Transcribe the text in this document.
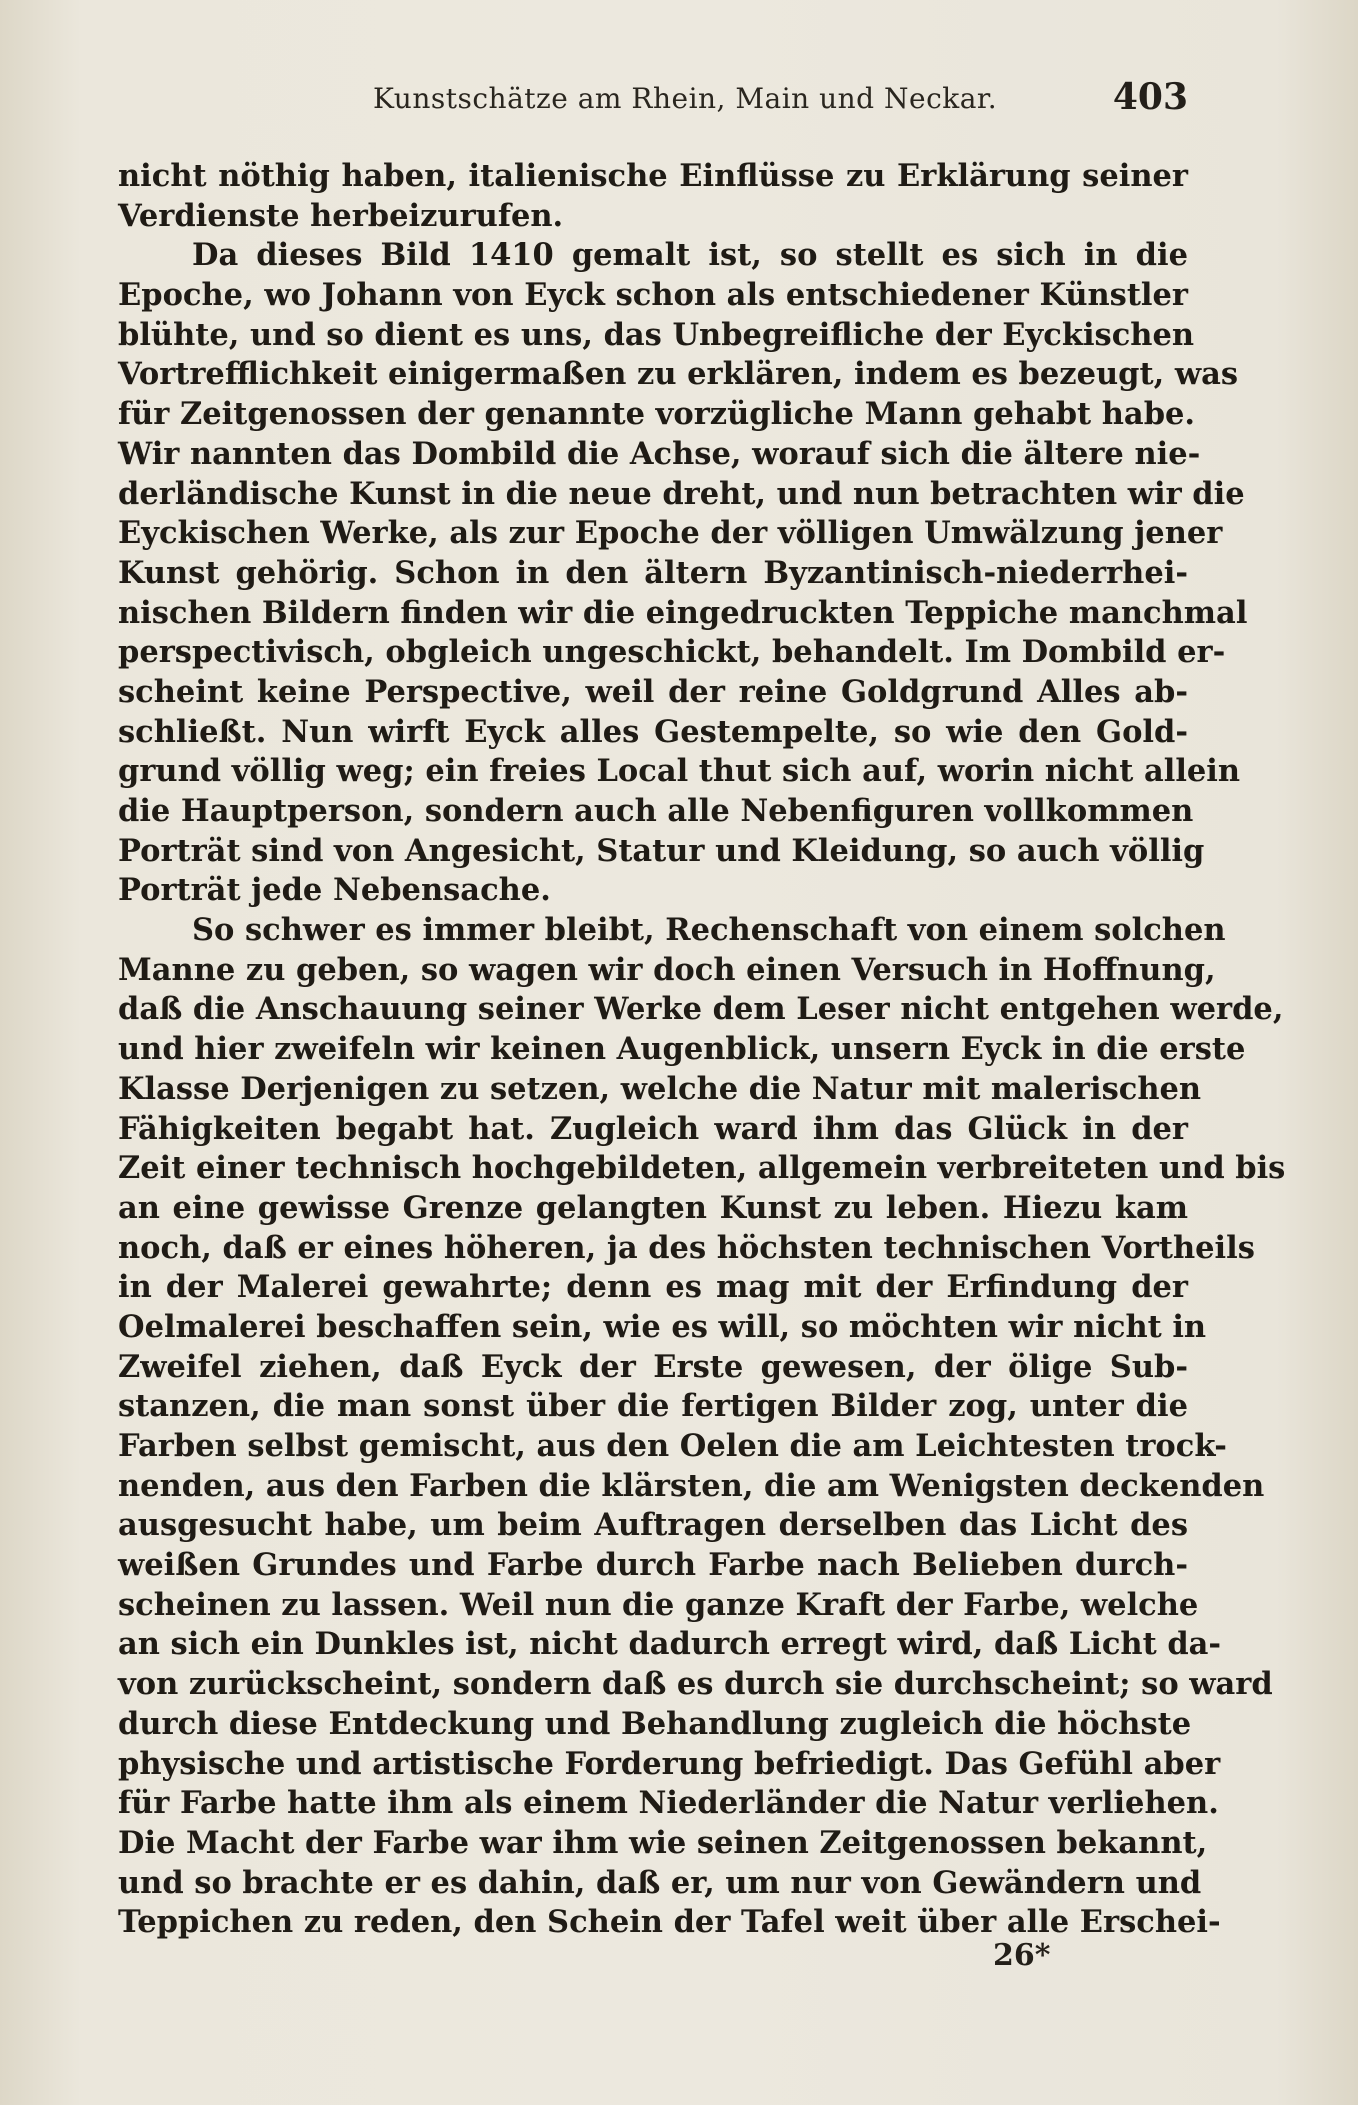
Kunstschätze am Rhein, Main und Neckar.	403
nicht nöthig haben, italienische Einflüsse zu Erklärung seiner
Verdienste herbeizurufen.
Da dieses Bild 1410 gemalt ist, so stellt es sich in die
Epoche, wo Johann von Eyck schon als entschiedener Künstler
blühte, und so dient es uns, das Unbegreifliche der Eyckischen
Vortrefflichkeit einigermaßen zu erklären, indem es bezeugt, was
für Zeitgenossen der genannte vorzügliche Mann gehabt habe.
Wir nannten das Dombild die Achse, worauf sich die ältere nie-
derländische Kunst in die neue dreht, und nun betrachten wir die
Eyckischen Werke, als zur Epoche der völligen Umwälzung jener
Kunst gehörig. Schon in den ältern Byzantinisch-niederrhei-
nischen Bildern finden wir die eingedruckten Teppiche manchmal
perspectivisch, obgleich ungeschickt, behandelt. Im Dombild er-
scheint keine Perspective, weil der reine Goldgrund Alles ab-
schließt. Nun wirft Eyck alles Gestempelte, so wie den Gold-
grund völlig weg; ein freies Local thut sich auf, worin nicht allein
die Hauptperson, sondern auch alle Nebenfiguren vollkommen
Porträt sind von Angesicht, Statur und Kleidung, so auch völlig
Porträt jede Nebensache.
So schwer es immer bleibt, Rechenschaft von einem solchen
Manne zu geben, so wagen wir doch einen Versuch in Hoffnung,
daß die Anschauung seiner Werke dem Leser nicht entgehen werde,
und hier zweifeln wir keinen Augenblick, unsern Eyck in die erste
Klasse Derjenigen zu setzen, welche die Natur mit malerischen
Fähigkeiten begabt hat. Zugleich ward ihm das Glück in der
Zeit einer technisch hochgebildeten, allgemein verbreiteten und bis
an eine gewisse Grenze gelangten Kunst zu leben. Hiezu kam
noch, daß er eines höheren, ja des höchsten technischen Vortheils
in der Malerei gewahrte; denn es mag mit der Erfindung der
Oelmalerei beschaffen sein, wie es will, so möchten wir nicht in
Zweifel ziehen, daß Eyck der Erste gewesen, der ölige Sub-
stanzen, die man sonst über die fertigen Bilder zog, unter die
Farben selbst gemischt, aus den Oelen die am Leichtesten trock-
nenden, aus den Farben die klärsten, die am Wenigsten deckenden
ausgesucht habe, um beim Auftragen derselben das Licht des
weißen Grundes und Farbe durch Farbe nach Belieben durch-
scheinen zu lassen. Weil nun die ganze Kraft der Farbe, welche
an sich ein Dunkles ist, nicht dadurch erregt wird, daß Licht da-
von zurückscheint, sondern daß es durch sie durchscheint; so ward
durch diese Entdeckung und Behandlung zugleich die höchste
physische und artistische Forderung befriedigt. Das Gefühl aber
für Farbe hatte ihm als einem Niederländer die Natur verliehen.
Die Macht der Farbe war ihm wie seinen Zeitgenossen bekannt,
und so brachte er es dahin, daß er, um nur von Gewändern und
Teppichen zu reden, den Schein der Tafel weit über alle Erschei-
26*
